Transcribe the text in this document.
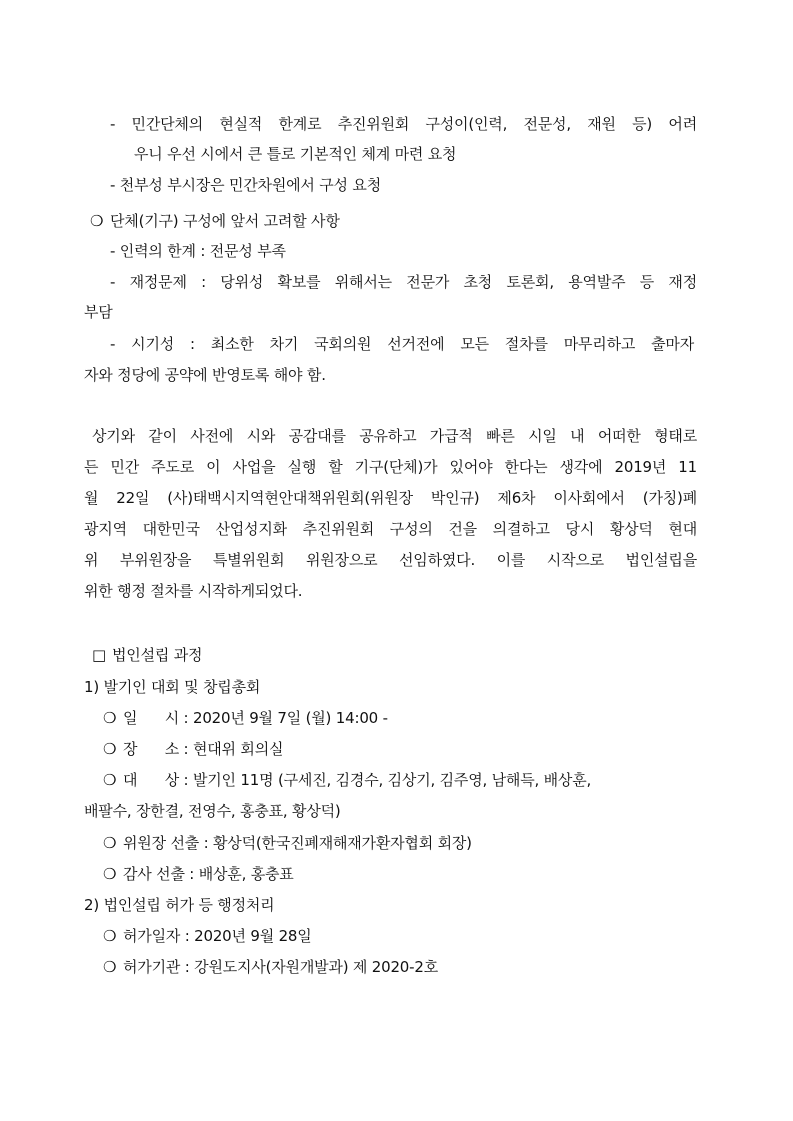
- 민간단체의 현실적 한계로 추진위원회 구성이(인력, 전문성, 재원 등) 어려
우니 우선 시에서 큰 틀로 기본적인 체계 마련 요청
- 천부성 부시장은 민간차원에서 구성 요청
❍ 단체(기구) 구성에 앞서 고려할 사항
- 인력의 한계 : 전문성 부족
- 재정문제 : 당위성 확보를 위해서는 전문가 초청 토론회, 용역발주 등 재정
부담
- 시기성 : 최소한 차기 국회의원 선거전에 모든 절차를 마무리하고 출마자
자와 정당에 공약에 반영토록 해야 함.
상기와 같이 사전에 시와 공감대를 공유하고 가급적 빠른 시일 내 어떠한 형태로
든 민간 주도로 이 사업을 실행 할 기구(단체)가 있어야 한다는 생각에 2019년 11
월 22일 (사)태백시지역현안대책위원회(위원장 박인규) 제6차 이사회에서 (가칭)폐
광지역 대한민국 산업성지화 추진위원회 구성의 건을 의결하고 당시 황상덕 현대
위 부위원장을 특별위원회 위원장으로 선임하였다. 이를 시작으로 법인설립을
위한 행정 절차를 시작하게되었다.
□ 법인설립 과정
1) 발기인 대회 및 창립총회
❍ 일      시 : 2020년 9월 7일 (월) 14:00 -
❍ 장      소 : 현대위 회의실
❍ 대      상 : 발기인 11명 (구세진, 김경수, 김상기, 김주영, 남해득, 배상훈,
배팔수, 장한결, 전영수, 홍충표, 황상덕)
❍ 위원장 선출 : 황상덕(한국진폐재해재가환자협회 회장)
❍ 감사 선출 : 배상훈, 홍충표
2) 법인설립 허가 등 행정처리
❍ 허가일자 : 2020년 9월 28일
❍ 허가기관 : 강원도지사(자원개발과) 제 2020-2호
